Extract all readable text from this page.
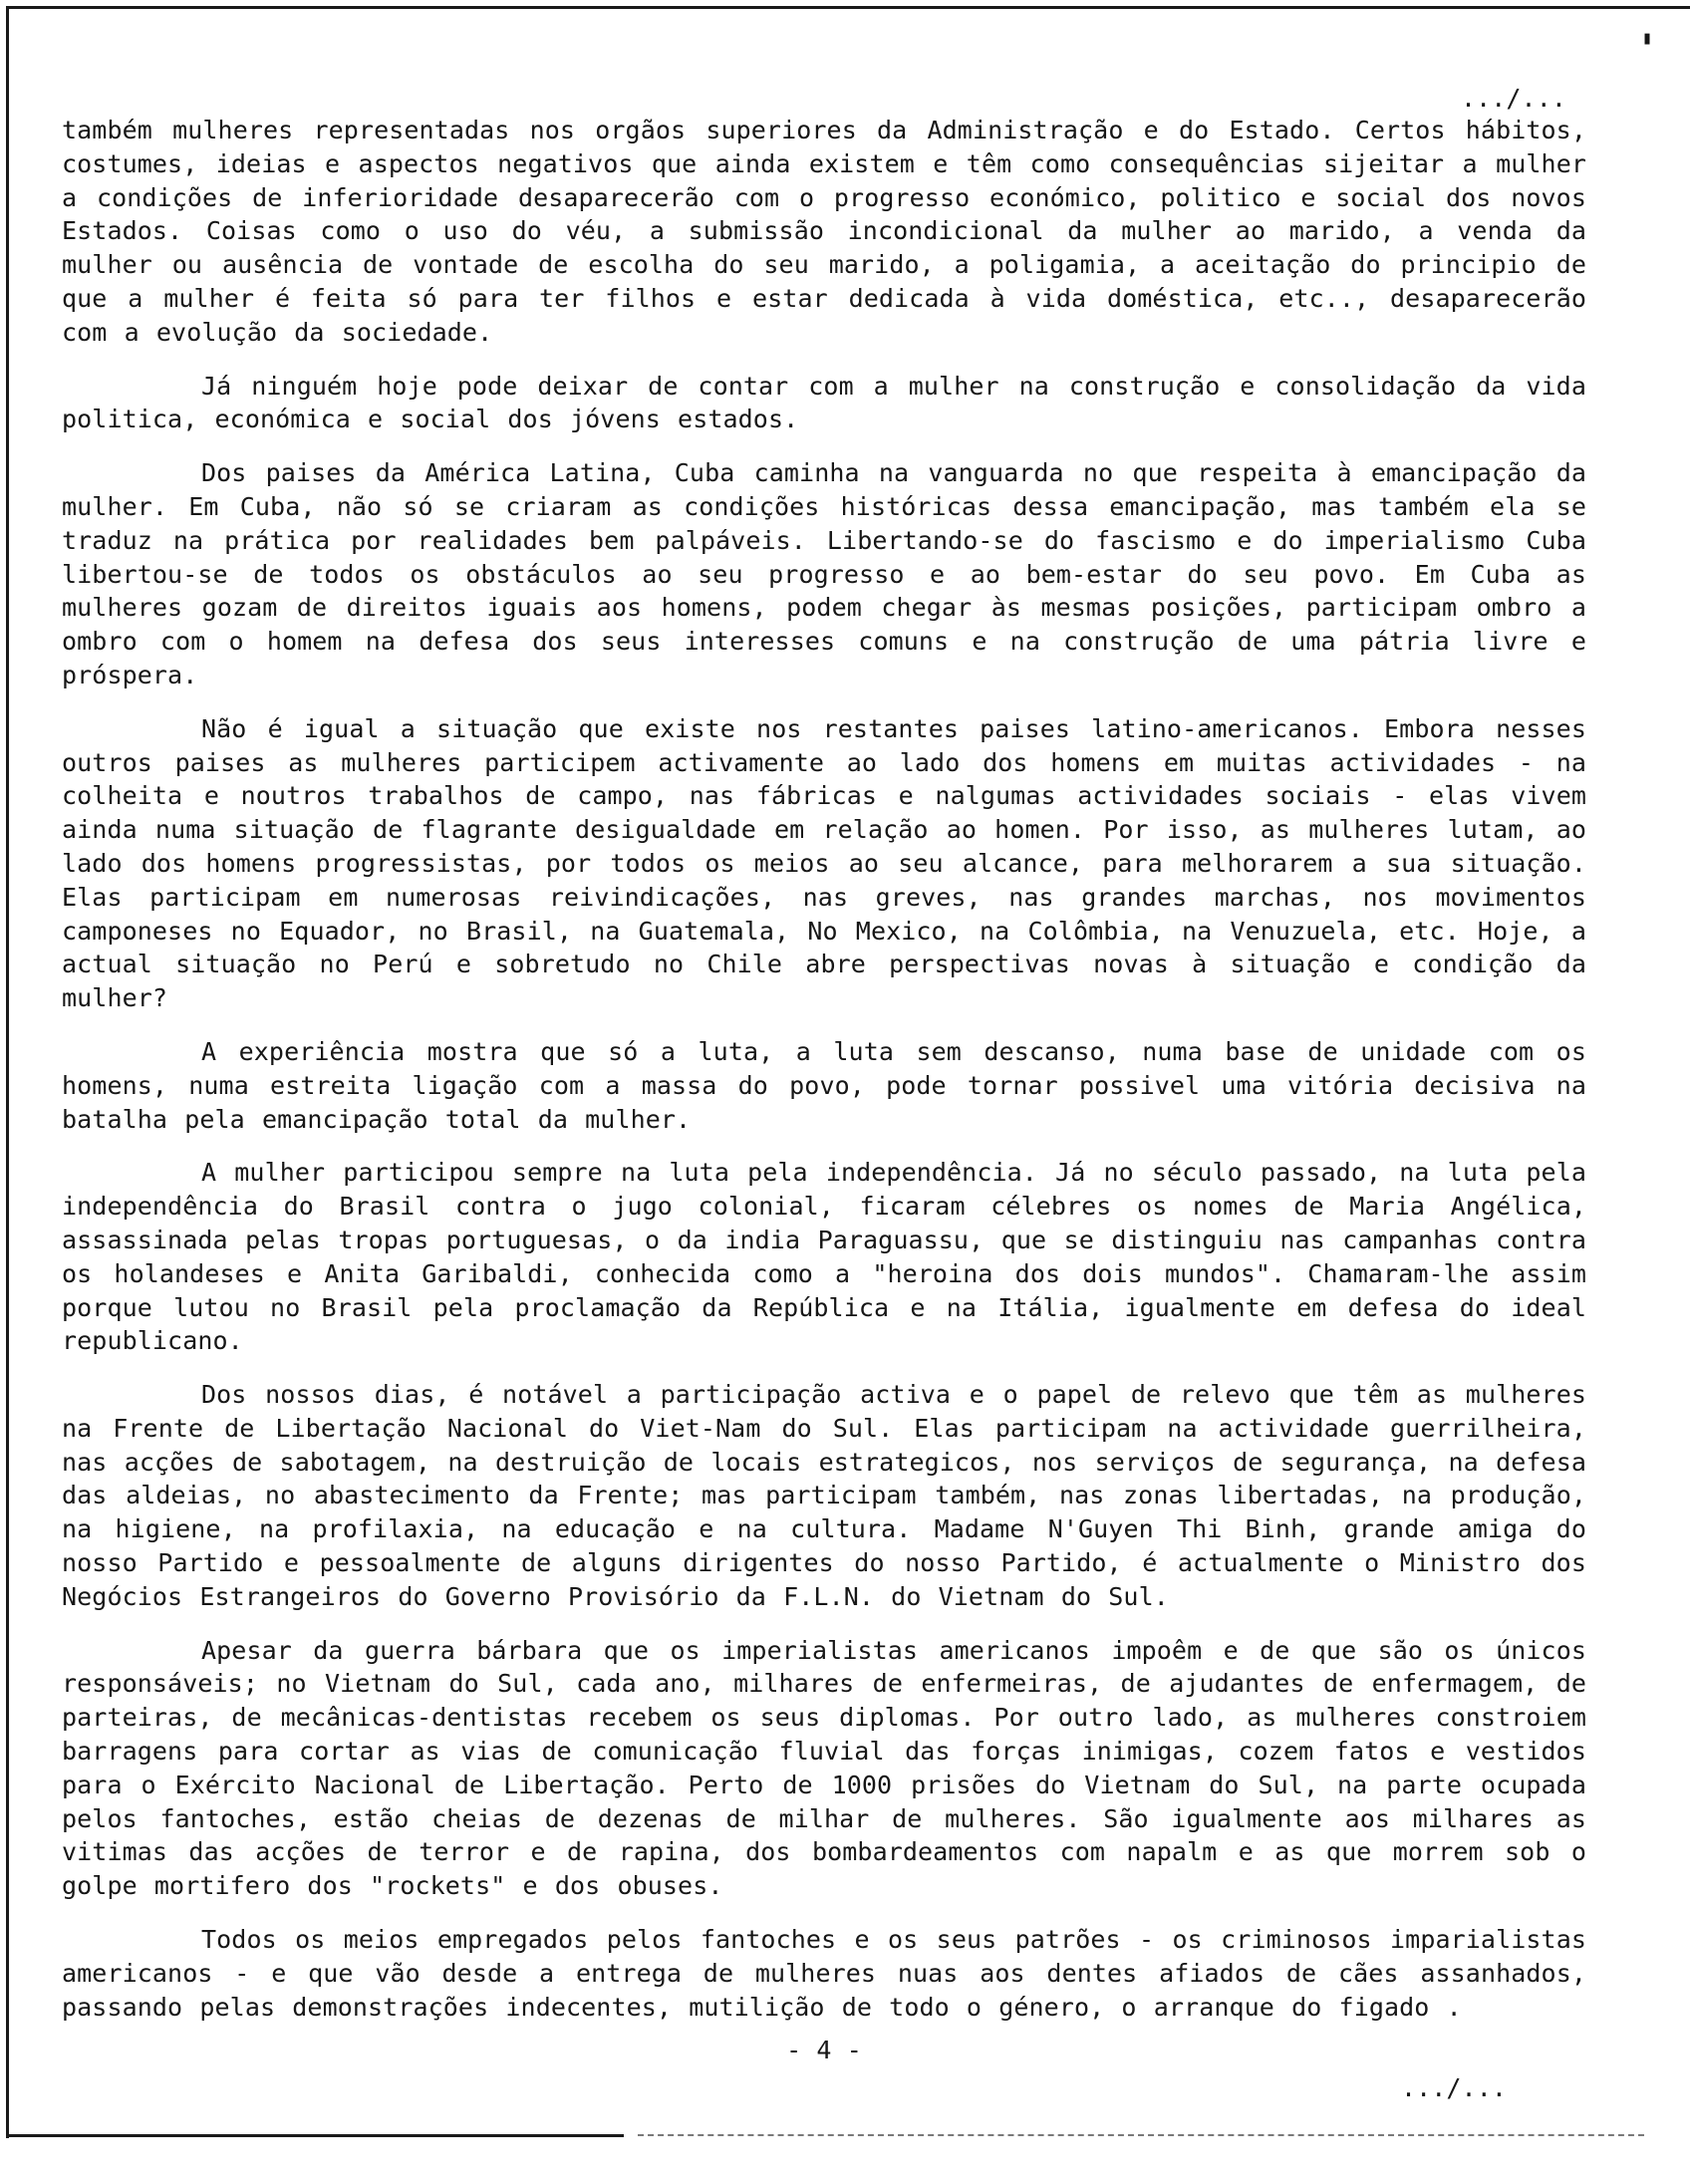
'
.../...

também mulheres representadas nos orgãos superiores da Administração e do Estado. Certos hábitos, costumes, ideias e aspectos negativos que ainda existem e têm como consequências sijeitar a mulher a condições de inferioridade desaparecerão com o progresso económico, politico e social dos novos Estados. Coisas como o uso do véu, a submissão incondicional da mulher ao marido, a venda da mulher ou ausência de vontade de escolha do seu marido, a poligamia, a aceitação do principio de que a mulher é feita só para ter filhos e estar dedicada à vida doméstica, etc.., desaparecerão com a evolução da sociedade.

Já ninguém hoje pode deixar de contar com a mulher na construção e consolidação da vida politica, económica e social dos jóvens estados.

Dos paises da América Latina, Cuba caminha na vanguarda no que respeita à emancipação da mulher. Em Cuba, não só se criaram as condições históricas dessa emancipação, mas também ela se traduz na prática por realidades bem palpáveis. Libertando-se do fascismo e do imperialismo Cuba libertou-se de todos os obstáculos ao seu progresso e ao bem-estar do seu povo. Em Cuba as mulheres gozam de direitos iguais aos homens, podem chegar às mesmas posições, participam ombro a ombro com o homem na defesa dos seus interesses comuns e na construção de uma pátria livre e próspera.

Não é igual a situação que existe nos restantes paises latino-americanos. Embora nesses outros paises as mulheres participem activamente ao lado dos homens em muitas actividades - na colheita e noutros trabalhos de campo, nas fábricas e nalgumas actividades sociais - elas vivem ainda numa situação de flagrante desigualdade em relação ao homen. Por isso, as mulheres lutam, ao lado dos homens progressistas, por todos os meios ao seu alcance, para melhorarem a sua situação. Elas participam em numerosas reivindicações, nas greves, nas grandes marchas, nos movimentos camponeses no Equador, no Brasil, na Guatemala, No Mexico, na Colômbia, na Venuzuela, etc. Hoje, a actual situação no Perú e sobretudo no Chile abre perspectivas novas à situação e condição da mulher?

A experiência mostra que só a luta, a luta sem descanso, numa base de unidade com os homens, numa estreita ligação com a massa do povo, pode tornar possivel uma vitória decisiva na batalha pela emancipação total da mulher.

A mulher participou sempre na luta pela independência. Já no século passado, na luta pela independência do Brasil contra o jugo colonial, ficaram célebres os nomes de Maria Angélica, assassinada pelas tropas portuguesas, o da india Paraguassu, que se distinguiu nas campanhas contra os holandeses e Anita Garibaldi, conhecida como a "heroina dos dois mundos". Chamaram-lhe assim porque lutou no Brasil pela proclamação da República e na Itália, igualmente em defesa do ideal republicano.

Dos nossos dias, é notável a participação activa e o papel de relevo que têm as mulheres na Frente de Libertação Nacional do Viet-Nam do Sul. Elas participam na actividade guerrilheira, nas acções de sabotagem, na destruição de locais estrategicos, nos serviços de segurança, na defesa das aldeias, no abastecimento da Frente; mas participam também, nas zonas libertadas, na produção, na higiene, na profilaxia, na educação e na cultura. Madame N'Guyen Thi Binh, grande amiga do nosso Partido e pessoalmente de alguns dirigentes do nosso Partido, é actualmente o Ministro dos Negócios Estrangeiros do Governo Provisório da F.L.N. do Vietnam do Sul.

Apesar da guerra bárbara que os imperialistas americanos impoêm e de que são os únicos responsáveis; no Vietnam do Sul, cada ano, milhares de enfermeiras, de ajudantes de enfermagem, de parteiras, de mecânicas-dentistas recebem os seus diplomas. Por outro lado, as mulheres constroiem barragens para cortar as vias de comunicação fluvial das forças inimigas, cozem fatos e vestidos para o Exército Nacional de Libertação. Perto de 1000 prisões do Vietnam do Sul, na parte ocupada pelos fantoches, estão cheias de dezenas de milhar de mulheres. São igualmente aos milhares as vitimas das acções de terror e de rapina, dos bombardeamentos com napalm e as que morrem sob o golpe mortifero dos "rockets" e dos obuses.

Todos os meios empregados pelos fantoches e os seus patrões - os criminosos imparialistas americanos - e que vão desde a entrega de mulheres nuas aos dentes afiados de cães assanhados, passando pelas demonstrações indecentes, mutilição de todo o género, o arranque do figado .

- 4 -
.../...
